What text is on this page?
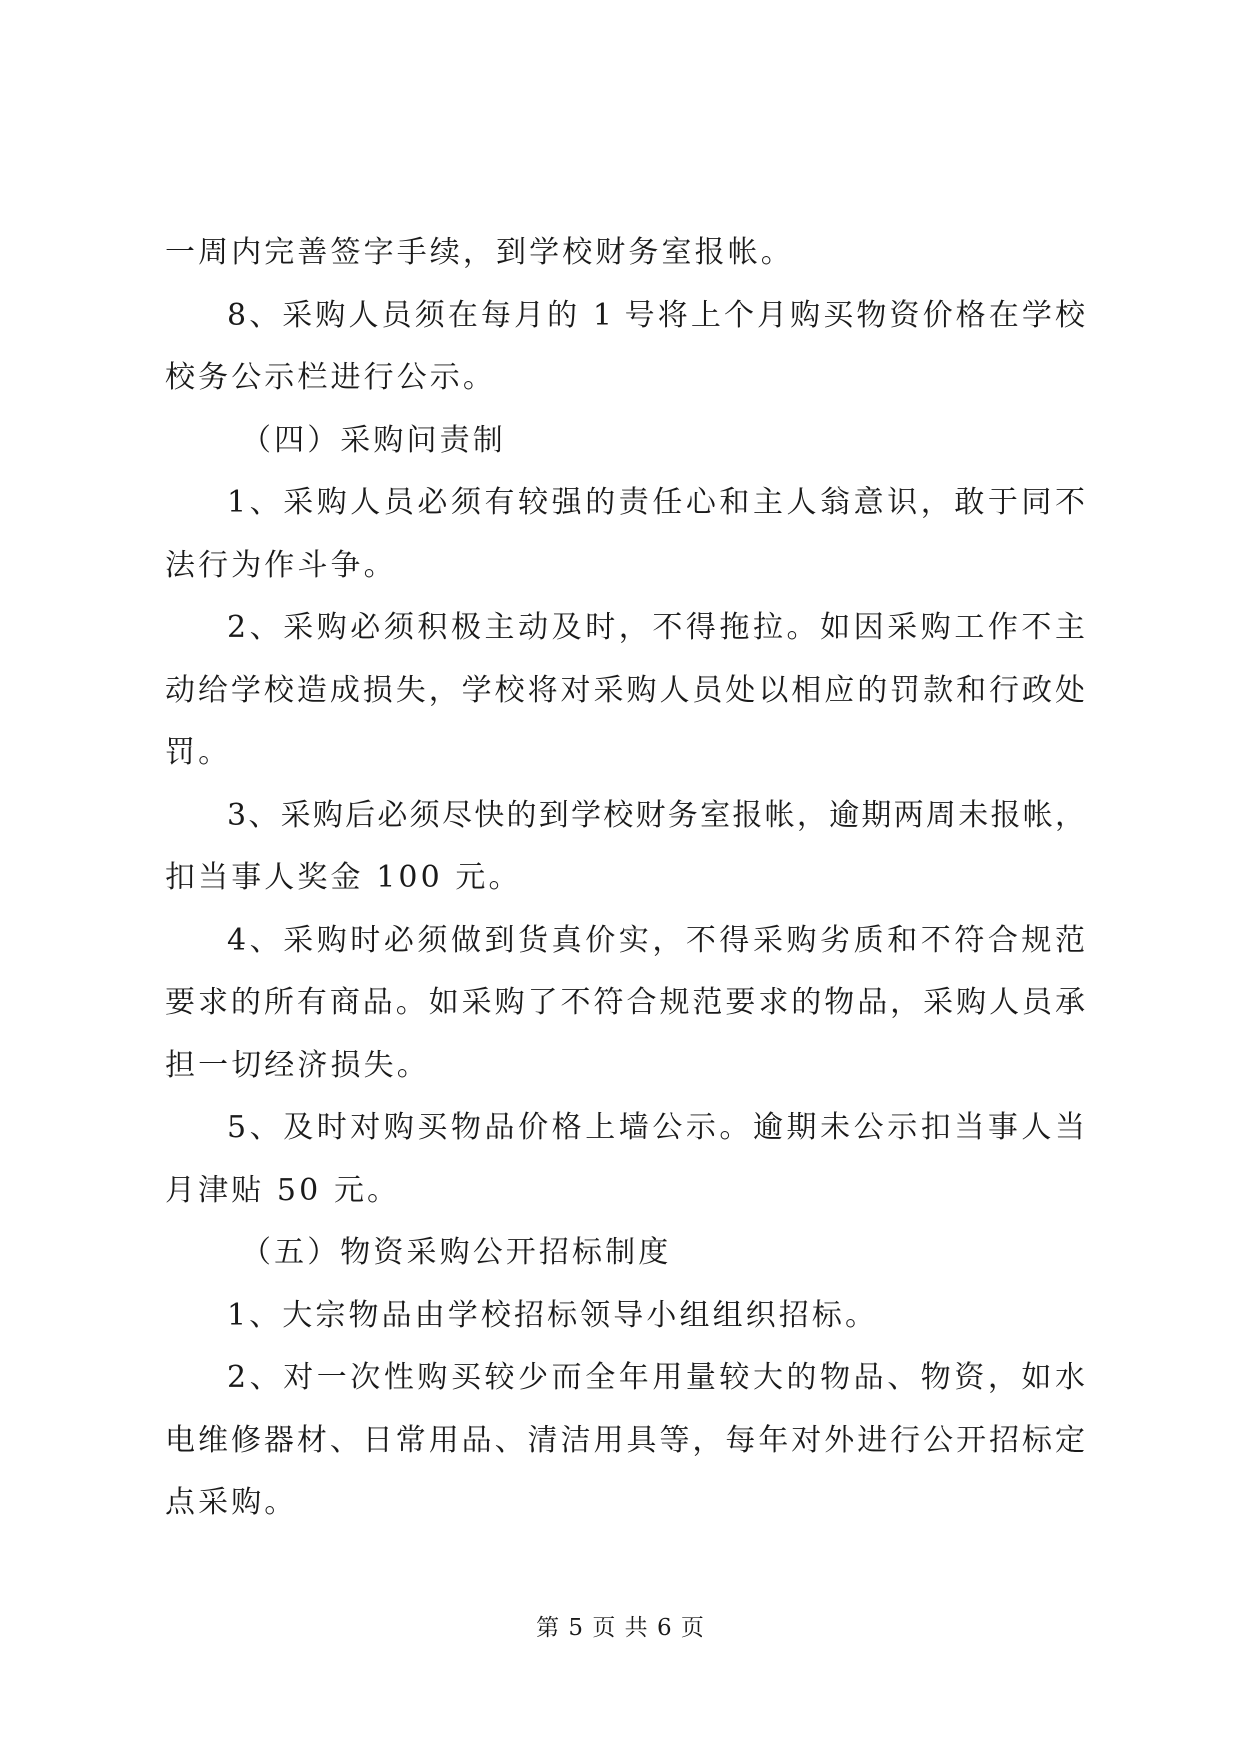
一周内完善签字手续，到学校财务室报帐。
8、采购人员须在每月的 1 号将上个月购买物资价格在学校
校务公示栏进行公示。
（四）采购问责制
1、采购人员必须有较强的责任心和主人翁意识，敢于同不
法行为作斗争。
2、采购必须积极主动及时，不得拖拉。如因采购工作不主
动给学校造成损失，学校将对采购人员处以相应的罚款和行政处
罚。
3、采购后必须尽快的到学校财务室报帐，逾期两周未报帐，
扣当事人奖金 100 元。
4、采购时必须做到货真价实，不得采购劣质和不符合规范
要求的所有商品。如采购了不符合规范要求的物品，采购人员承
担一切经济损失。
5、及时对购买物品价格上墙公示。逾期未公示扣当事人当
月津贴 50 元。
（五）物资采购公开招标制度
1、大宗物品由学校招标领导小组组织招标。
2、对一次性购买较少而全年用量较大的物品、物资，如水
电维修器材、日常用品、清洁用具等，每年对外进行公开招标定
点采购。
第 5 页 共 6 页
